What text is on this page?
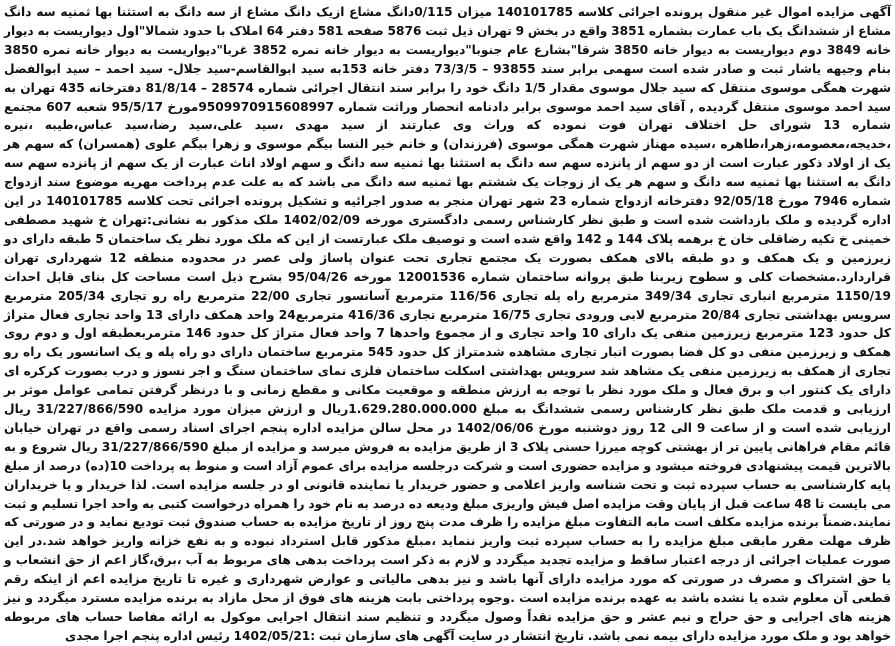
آگهی مزایده اموال غیر منقول پرونده اجرائی کلاسه 140101785 میزان 0/115دانگ مشاع ازیک دانگ مشاع از سه دانگ به استثنا بها ثمنیه سه دانگ مشاع از ششدانگ یک باب عمارت بشماره 3851 واقع در بخش 9 تهران ذیل ثبت 5876 صفحه 581 دفتر 64 املاک با حدود شمالا"اول دیواریست به دیوار خانه 3849 دوم دیواریست به دیوار خانه 3850 شرقا"بشارع عام جنوبا"دیواریست به دیوار خانه نمره 3852 غربا"دیواریست به دیوار خانه نمره 3850 بنام وجیهه یاشار ثبت و صادر شده است سهمی برابر سند 93855 – 73/3/5 دفتر خانه 153به سید ابوالقاسم-سید جلال- سید احمد – سید ابوالفضل شهرت همگی موسوی منتقل که سید جلال موسوی مقدار 1/5 دانگ خود را برابر سند انتقال اجرائی شماره 28574 – 81/8/14 دفترخانه 435 تهران به سید احمد موسوی منتقل گردیده , آقای سید احمد موسوی برابر دادنامه انحصار وراثت شماره 9509970915608997مورخ 95/5/17 شعبه 607 مجتمع شماره 13 شورای حل اختلاف تهران فوت نموده که وراث وی عبارتند از سید مهدی ،سید علی،سید رضا،سید عباس،طیبه ،نیره ،خدیجه،معصومه،زهرا،طاهره ،سیده مهناز شهرت همگی موسوی (فرزندان) و خانم خیر النسا بیگم موسوی و زهرا بیگم علوی (همسران) که سهم هر یک از اولاد ذکور عبارت است از دو سهم از پانزده سهم سه دانگ به استثنا بها ثمنیه سه دانگ و سهم اولاد اناث عبارت از یک سهم از پانزده سهم سه دانگ به استثنا بها ثمنیه سه دانگ و سهم هر یک از زوجات یک ششتم بها ثمنیه سه دانگ می باشد که به علت عدم پرداخت مهریه موضوع سند ازدواج شماره 7946 مورخ 92/05/18 دفترخانه ازدواج شماره 23 شهر تهران منجر به صدور اجرائیه و تشکیل پرونده اجرائی تحت کلاسه 140101785 در این اداره گردیده و ملک بازداشت شده است و طبق نظر کارشناس رسمی دادگستری مورخه 1402/02/09 ملک مذکور به نشانی:تهران خ شهید مصطفی خمینی خ تکیه رضاقلی خان خ برهمه پلاک 144 و 142 واقع شده است و توصیف ملک عبارتست از این که ملک مورد نظر یک ساختمان 5 طبقه دارای دو زیرزمین و یک همکف و دو طبقه بالای همکف بصورت یک مجتمع تجاری تحت عنوان پاساژ ولی عصر در محدوده منطقه 12 شهرداری تهران قراردارد.مشخصات کلی و سطوح زیربنا طبق پروانه ساختمان شماره 12001536 مورخه 95/04/26 بشرح ذیل است مساحت کل بنای قابل احداث 1150/19 مترمربع انباری تجاری 349/34 مترمربع راه پله تجاری 116/56 مترمربع آسانسور تجاری 22/00 مترمربع راه رو تجاری 205/34 مترمربع سرویس بهداشتی تجاری 20/84 مترمربع لابی ورودی تجاری 16/75 مترمربع تجاری 416/36 مترمربع24 واحد همکف دارای 13 واحد تجاری فعال متراژ کل حدود 123 مترمربع زیرزمین منفی یک دارای 10 واحد تجاری و از مجموع واحدها 7 واحد فعال متراژ کل حدود 146 مترمربعطبقه اول و دوم روی همکف و زیرزمین منفی دو کل فضا بصورت انبار تجاری مشاهده شدمتراژ کل حدود 545 مترمربع ساختمان دارای دو راه پله و یک اسانسور یک راه رو تجاری از همکف به زیرزمین منفی یک مشاهد شد سرویس بهداشتی اسکلت ساختمان فلزی نمای ساختمان سنگ و اجر نسوز و درب بصورت کرکره ای دارای یک کنتور اب و برق فعال و ملک مورد نظر با توجه به ارزش منطقه و موقعیت مکانی و مقطع زمانی و با درنظر گرفتن تمامی عوامل موثر بر ارزیابی و قدمت ملک طبق نظر کارشناس رسمی ششدانگ به مبلغ 1.629.280.000.000ریال و ارزش میزان مورد مزایده 31/227/866/590 ریال ارزیابی شده است و از ساعت 9 الی 12 روز دوشنبه مورخ 1402/06/06 در محل سالن مزایده اداره پنجم اجرای اسناد رسمی واقع در تهران خیابان قائم مقام فراهانی پایین تر از بهشتی کوچه میرزا حسنی پلاک 3 از طریق مزایده به فروش میرسد و مزایده از مبلغ 31/227/866/590 ریال شروع و به بالاترین قیمت پیشنهادی فروخته میشود و مزایده حضوری است و شرکت درجلسه مزایده برای عموم آزاد است و منوط به پرداخت 10(ده) درصد از مبلغ پایه کارشناسی به حساب سپرده ثبت و تحت شناسه واریز اعلامی و حضور خریدار یا نماینده قانونی او در جلسه مزایده است. لذا خریدار و یا خریداران می بایست تا 48 ساعت قبل از پایان وقت مزایده اصل فیش واریزی مبلغ ودیعه ده درصد به نام خود را همراه درخواست کتبی به واحد اجرا تسلیم و ثبت نمایند.ضمناً برنده مزایده مکلف است مابه التفاوت مبلغ مزایده را ظرف مدت پنج روز از تاریخ مزایده به حساب صندوق ثبت تودیع نماید و در صورتی که ظرف مهلت مقرر مابقی مبلغ مزایده را به حساب سپرده ثبت واریز ننماید ،مبلغ مذکور قابل استرداد نبوده و به نفع خزانه واریز خواهد شد.در این صورت عملیات اجرائی از درجه اعتبار ساقط و مزایده تجدید میگردد و لازم به ذکر است پرداخت بدهی های مربوط به آب ،برق،گاز اعم از حق انشعاب و یا حق اشتراک و مصرف در صورتی که مورد مزایده دارای آنها باشد و نیز بدهی مالیاتی و عوارض شهرداری و غیره تا تاریخ مزایده اعم از اینکه رقم قطعی آن معلوم شده یا نشده باشد به عهده برنده مزایده است .وجوه پرداختی بابت هزینه های فوق از محل مازاد به برنده مزایده مسترد میگردد و نیز هزینه های اجرایی و حق حراج و نیم عشر و حق مزایده نقداً وصول میگردد و تنظیم سند انتقال اجرایی موکول به ارائه مفاصا حساب های مربوطه خواهد بود و ملک مورد مزایده دارای بیمه نمی باشد. تاریخ انتشار در سایت آگهی های سازمان ثبت :1402/05/21 رئیس اداره پنجم اجرا مجدی
